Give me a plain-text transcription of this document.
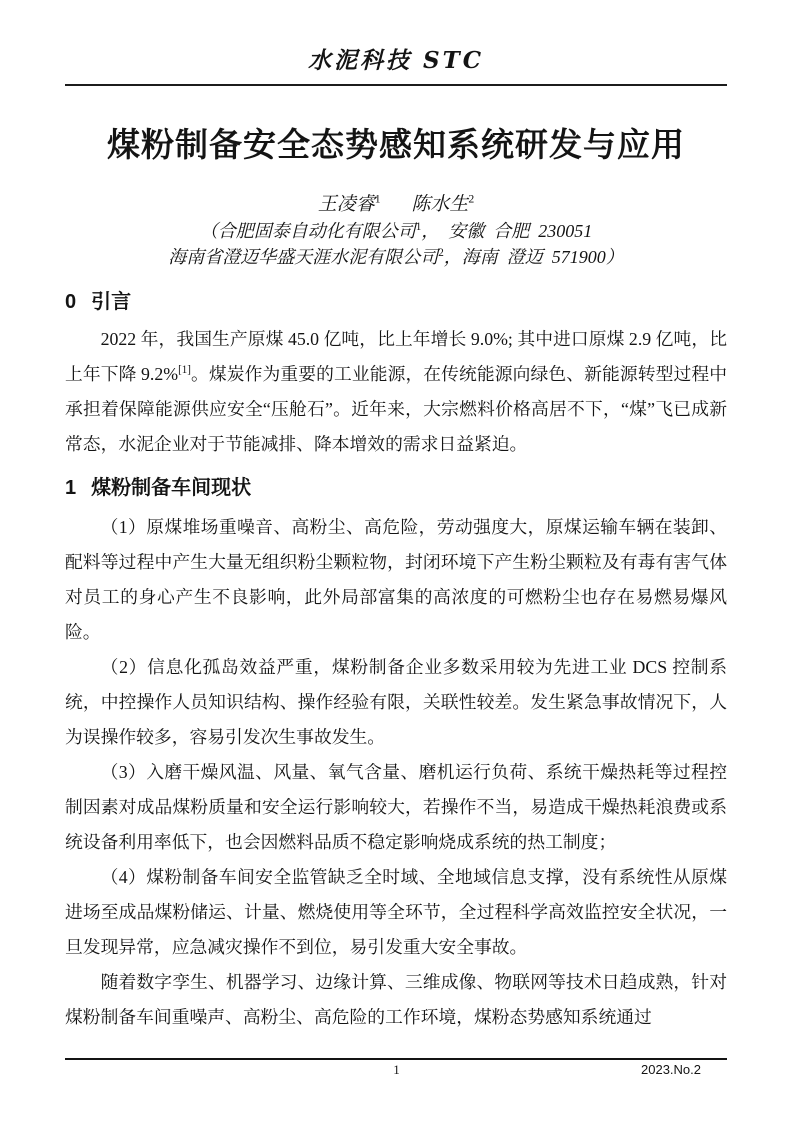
水泥科技 STC
煤粉制备安全态势感知系统研发与应用
王凌睿$^1$ 陈水生$^2$
（合肥固泰自动化有限公司$^1$，  安徽  合肥  230051
海南省澄迈华盛天涯水泥有限公司$^2$，海南  澄迈  571900）
0 引言

2022 年，我国生产原煤 45.0 亿吨，比上年增长 9.0%; 其中进口原煤 2.9 亿吨，比上年下降 9.2%[1]。煤炭作为重要的工业能源，在传统能源向绿色、新能源转型过程中承担着保障能源供应安全“压舱石”。近年来，大宗燃料价格高居不下，“煤”飞已成新常态，水泥企业对于节能减排、降本增效的需求日益紧迫。

1 煤粉制备车间现状

（1）原煤堆场重噪音、高粉尘、高危险，劳动强度大，原煤运输车辆在装卸、配料等过程中产生大量无组织粉尘颗粒物，封闭环境下产生粉尘颗粒及有毒有害气体对员工的身心产生不良影响，此外局部富集的高浓度的可燃粉尘也存在易燃易爆风险。

（2）信息化孤岛效益严重，煤粉制备企业多数采用较为先进工业 DCS 控制系统，中控操作人员知识结构、操作经验有限，关联性较差。发生紧急事故情况下，人为误操作较多，容易引发次生事故发生。

（3）入磨干燥风温、风量、氧气含量、磨机运行负荷、系统干燥热耗等过程控制因素对成品煤粉质量和安全运行影响较大，若操作不当，易造成干燥热耗浪费或系统设备利用率低下，也会因燃料品质不稳定影响烧成系统的热工制度；

（4）煤粉制备车间安全监管缺乏全时域、全地域信息支撑，没有系统性从原煤进场至成品煤粉储运、计量、燃烧使用等全环节，全过程科学高效监控安全状况，一旦发现异常，应急减灾操作不到位，易引发重大安全事故。

随着数字孪生、机器学习、边缘计算、三维成像、物联网等技术日趋成熟，针对煤粉制备车间重噪声、高粉尘、高危险的工作环境，煤粉态势感知系统通过

1	2023.No.2
